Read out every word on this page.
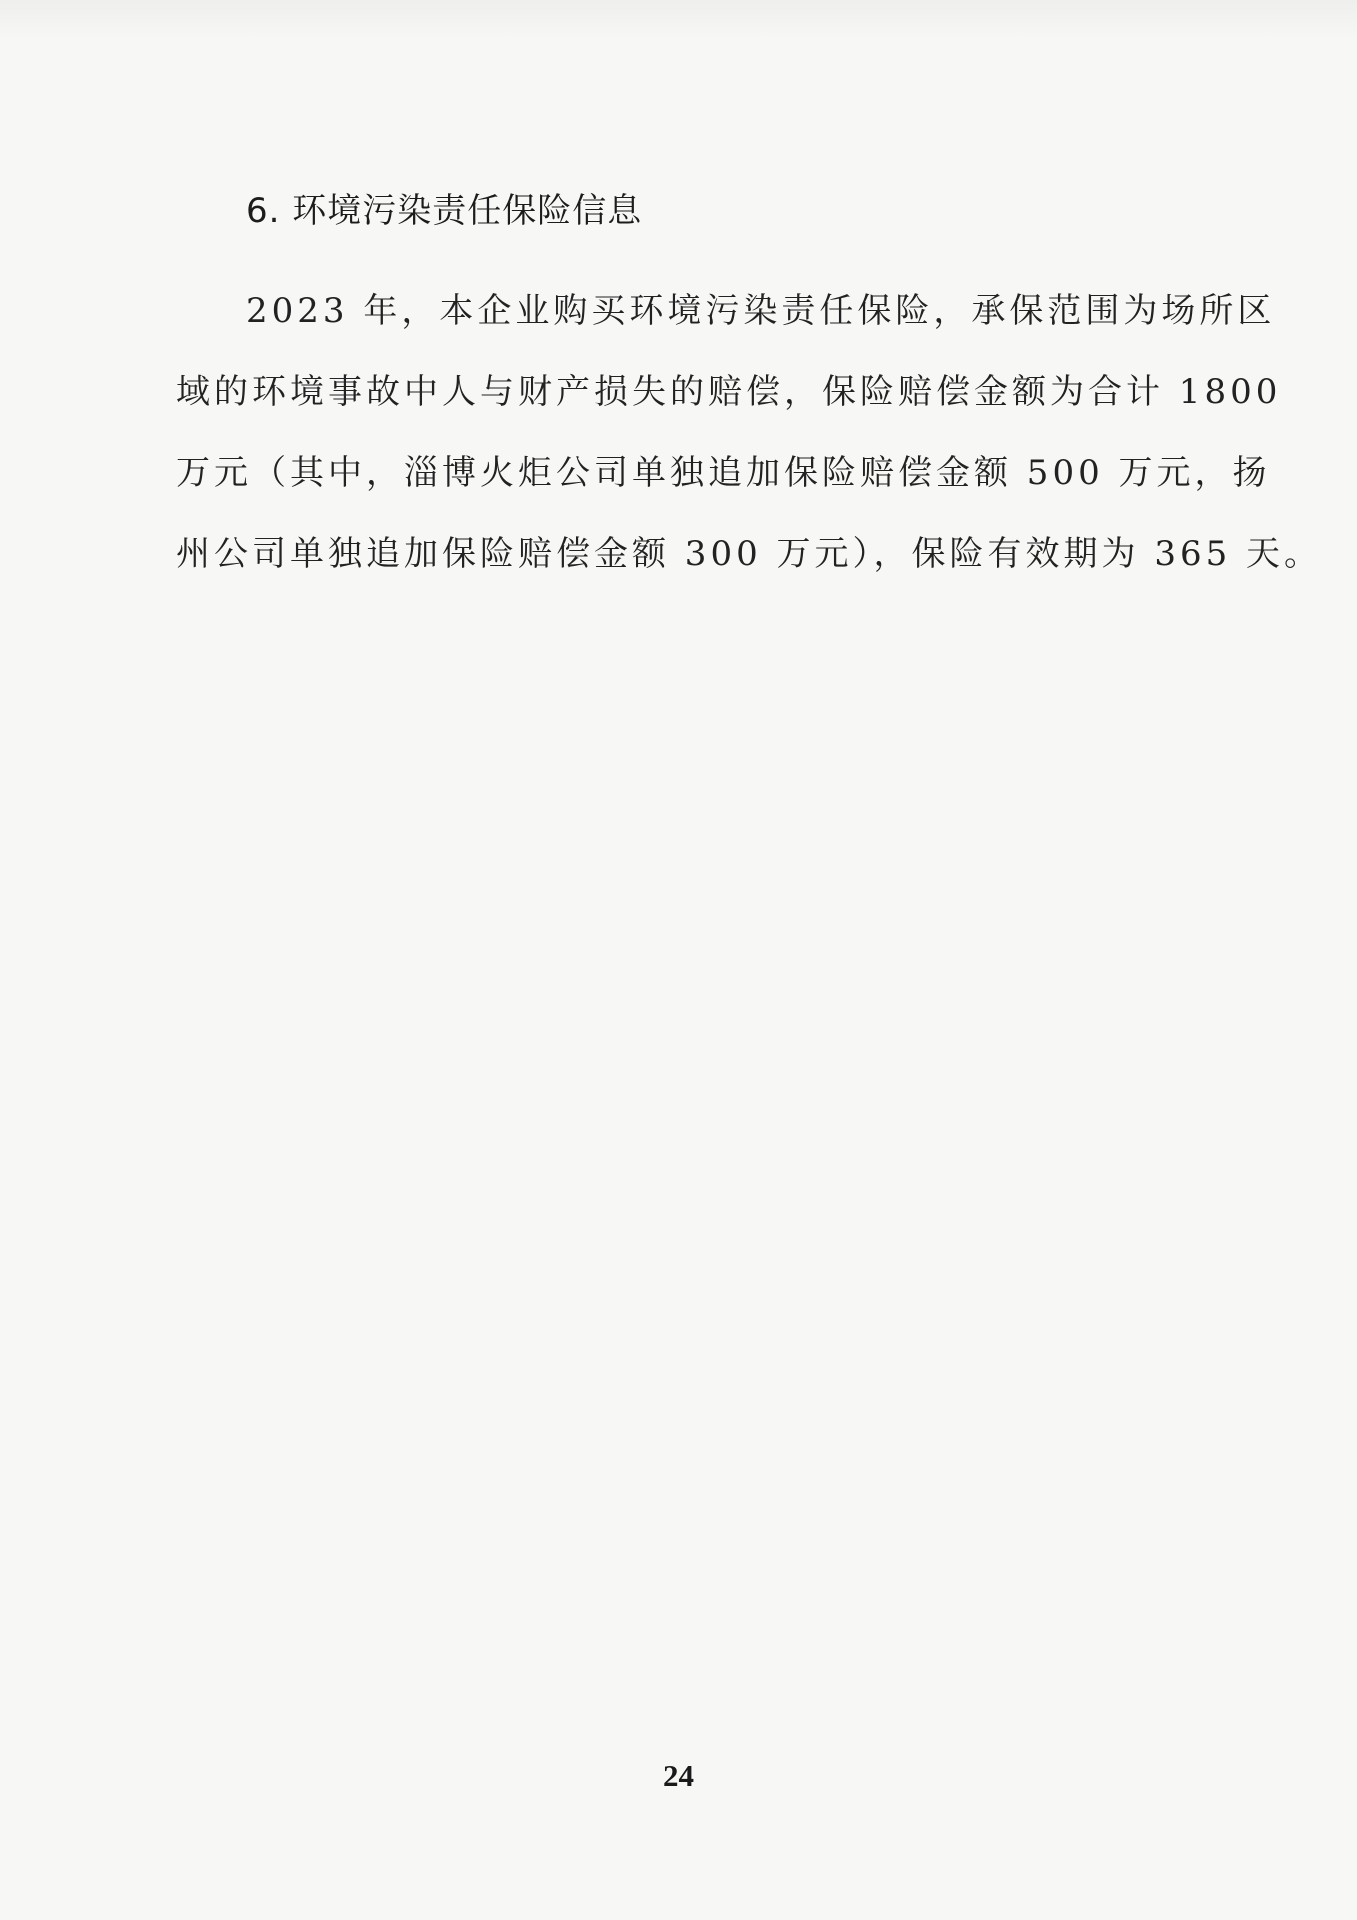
6. 环境污染责任保险信息
2023 年，本企业购买环境污染责任保险，承保范围为场所区
域的环境事故中人与财产损失的赔偿，保险赔偿金额为合计 1800
万元（其中，淄博火炬公司单独追加保险赔偿金额 500 万元，扬
州公司单独追加保险赔偿金额 300 万元），保险有效期为 365 天。
24
